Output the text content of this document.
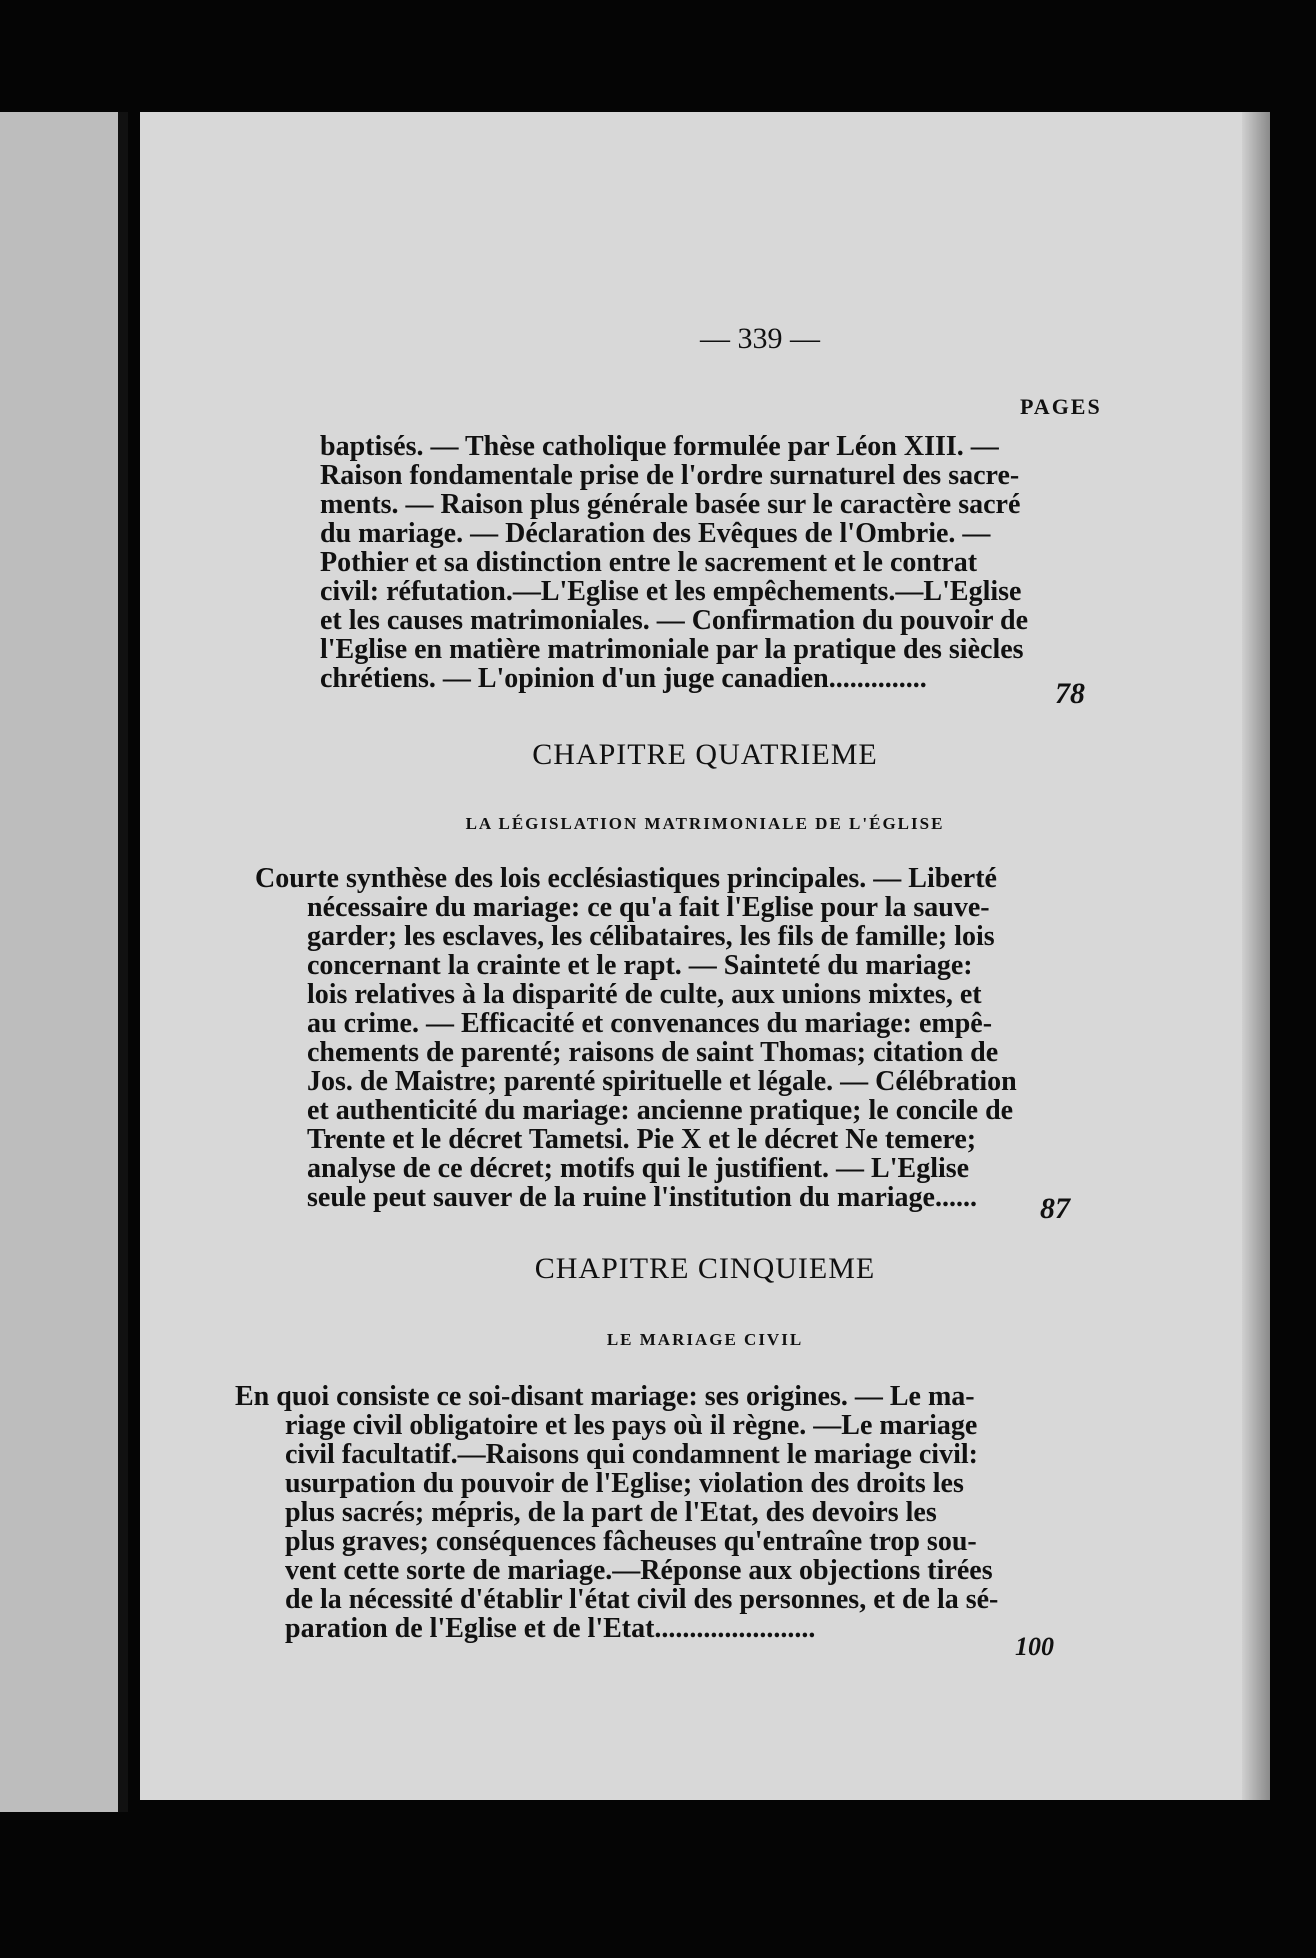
— 339 —
PAGES
baptisés. — Thèse catholique formulée par Léon XIII. —
Raison fondamentale prise de l'ordre surnaturel des sacre-
ments. — Raison plus générale basée sur le caractère sacré
du mariage. — Déclaration des Evêques de l'Ombrie. —
Pothier et sa distinction entre le sacrement et le contrat
civil: réfutation.—L'Eglise et les empêchements.—L'Eglise
et les causes matrimoniales. — Confirmation du pouvoir de
l'Eglise en matière matrimoniale par la pratique des siècles
chrétiens. — L'opinion d'un juge canadien..............	78
CHAPITRE QUATRIEME
LA LÉGISLATION MATRIMONIALE DE L'ÉGLISE
Courte synthèse des lois ecclésiastiques principales. — Liberté
nécessaire du mariage: ce qu'a fait l'Eglise pour la sauve-
garder; les esclaves, les célibataires, les fils de famille; lois
concernant la crainte et le rapt. — Sainteté du mariage:
lois relatives à la disparité de culte, aux unions mixtes, et
au crime. — Efficacité et convenances du mariage: empê-
chements de parenté; raisons de saint Thomas; citation de
Jos. de Maistre; parenté spirituelle et légale. — Célébration
et authenticité du mariage: ancienne pratique; le concile de
Trente et le décret Tametsi. Pie X et le décret Ne temere;
analyse de ce décret; motifs qui le justifient. — L'Eglise
seule peut sauver de la ruine l'institution du mariage......	87
CHAPITRE CINQUIEME
LE MARIAGE CIVIL
En quoi consiste ce soi-disant mariage: ses origines. — Le ma-
riage civil obligatoire et les pays où il règne. —Le mariage
civil facultatif.—Raisons qui condamnent le mariage civil:
usurpation du pouvoir de l'Eglise; violation des droits les
plus sacrés; mépris, de la part de l'Etat, des devoirs les
plus graves; conséquences fâcheuses qu'entraîne trop sou-
vent cette sorte de mariage.—Réponse aux objections tirées
de la nécessité d'établir l'état civil des personnes, et de la sé-
paration de l'Eglise et de l'Etat.......................
100
